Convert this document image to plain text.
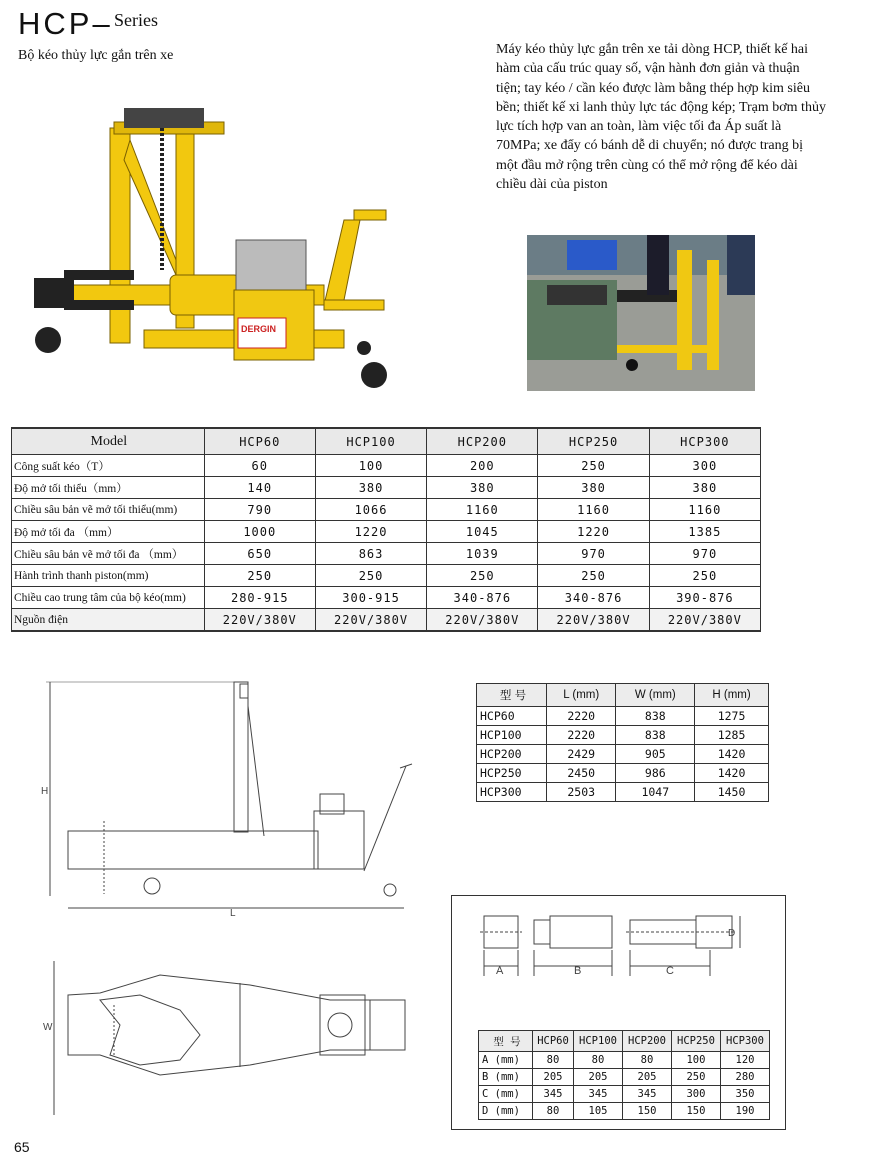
HCP– Series
Bộ kéo thủy lực gắn trên xe
DERGIN
Máy kéo thủy lực gắn trên xe tải dòng HCP, thiết kế hai hàm của cấu trúc quay số, vận hành đơn giản và thuận tiện; tay kéo / cần kéo được làm bằng thép hợp kim siêu bền; thiết kế xi lanh thủy lực tác động kép; Trạm bơm thủy lực tích hợp van an toàn, làm việc tối đa Áp suất là 70MPa; xe đẩy có bánh dễ di chuyển; nó được trang bị một đầu mở rộng trên cùng có thể mở rộng để kéo dài chiều dài của piston
Model	HCP60	HCP100	HCP200	HCP250	HCP300
Công suất kéo（T）	60	100	200	250	300
Độ mở tối thiểu（mm）	140	380	380	380	380
Chiều sâu bản vẽ mở tối thiểu(mm)	790	1066	1160	1160	1160
Độ mở tối đa （mm）	1000	1220	1045	1220	1385
Chiều sâu bản vẽ mở tối đa （mm）	650	863	1039	970	970
Hành trình thanh piston(mm)	250	250	250	250	250
Chiều cao trung tâm của bộ kéo(mm)	280-915	300-915	340-876	340-876	390-876
Nguồn điện	220V/380V	220V/380V	220V/380V	220V/380V	220V/380V
H
L
W
型 号	L (mm)	W (mm)	H (mm)
HCP60	2220	838	1275
HCP100	2220	838	1285
HCP200	2429	905	1420
HCP250	2450	986	1420
HCP300	2503	1047	1450
A	B	C
D
型 号	HCP60	HCP100	HCP200	HCP250	HCP300
A (mm)	80	80	80	100	120
B (mm)	205	205	205	250	280
C (mm)	345	345	345	300	350
D (mm)	80	105	150	150	190
65
